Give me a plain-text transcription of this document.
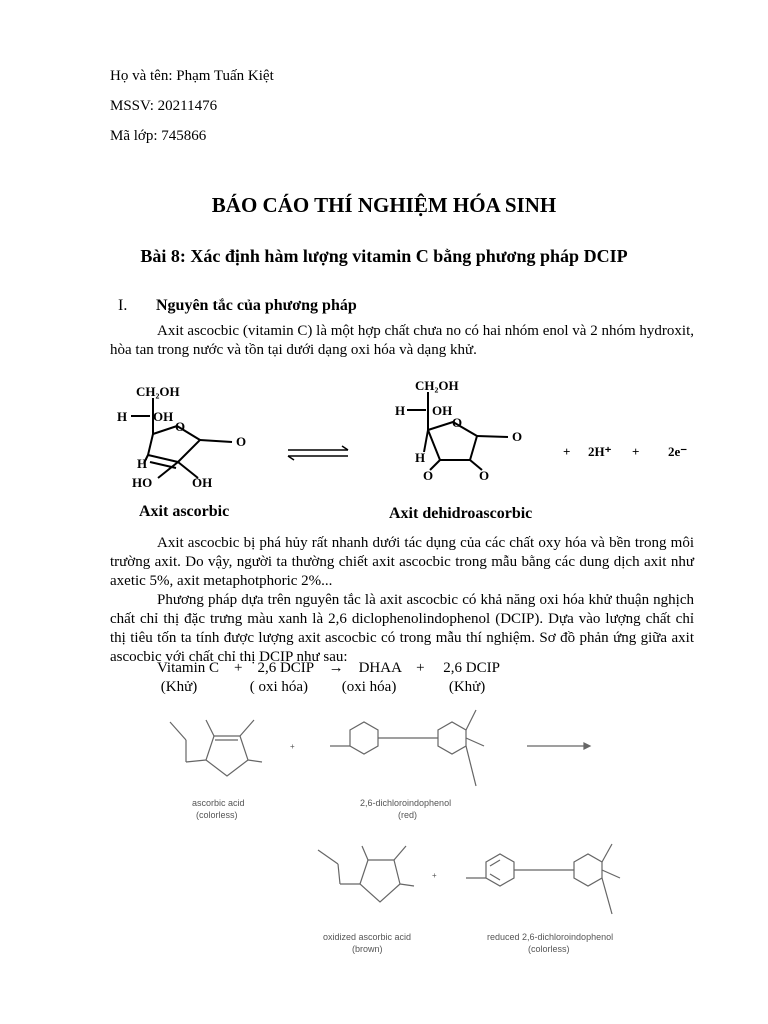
Họ và tên: Phạm Tuấn Kiệt
MSSV: 20211476
Mã lớp: 745866
BÁO CÁO THÍ NGHIỆM HÓA SINH
Bài 8: Xác định hàm lượng vitamin C bằng phương pháp DCIP
I. Nguyên tắc của phương pháp
Axit ascocbic (vitamin C) là một hợp chất chưa no có hai nhóm enol và 2 nhóm hydroxit, hòa tan trong nước và tồn tại dưới dạng oxi hóa và dạng khử.
CH₂OH
H OH
O
O
H
HO	OH
Axit ascorbic
CH₂OH
H OH
O
O
H
O	O
Axit dehidroascorbic
+ 2H⁺ + 2e⁻
Axit ascocbic bị phá hủy rất nhanh dưới tác dụng của các chất oxy hóa và bền trong môi trường axit. Do vậy, người ta thường chiết axit ascocbic trong mẫu bằng các dung dịch axit như axetic 5%, axit metaphotphoric 2%...
Phương pháp dựa trên nguyên tắc là axit ascocbic có khả năng oxi hóa khử thuận nghịch chất chỉ thị đặc trưng màu xanh là 2,6 diclophenolindophenol (DCIP). Dựa vào lượng chất chỉ thị tiêu tốn ta tính được lượng axit ascocbic có trong mẫu thí nghiệm. Sơ đồ phản ứng giữa axit ascocbic với chất chỉ thị DCIP như sau:
Vitamin C    +    2,6 DCIP    →    DHAA    +     2,6 DCIP
(Khử)              ( oxi hóa)         (oxi hóa)              (Khử)
+
ascorbic acid
(colorless)
2,6-dichloroindophenol
(red)
+
oxidized ascorbic acid
(brown)
reduced 2,6-dichloroindophenol
(colorless)
